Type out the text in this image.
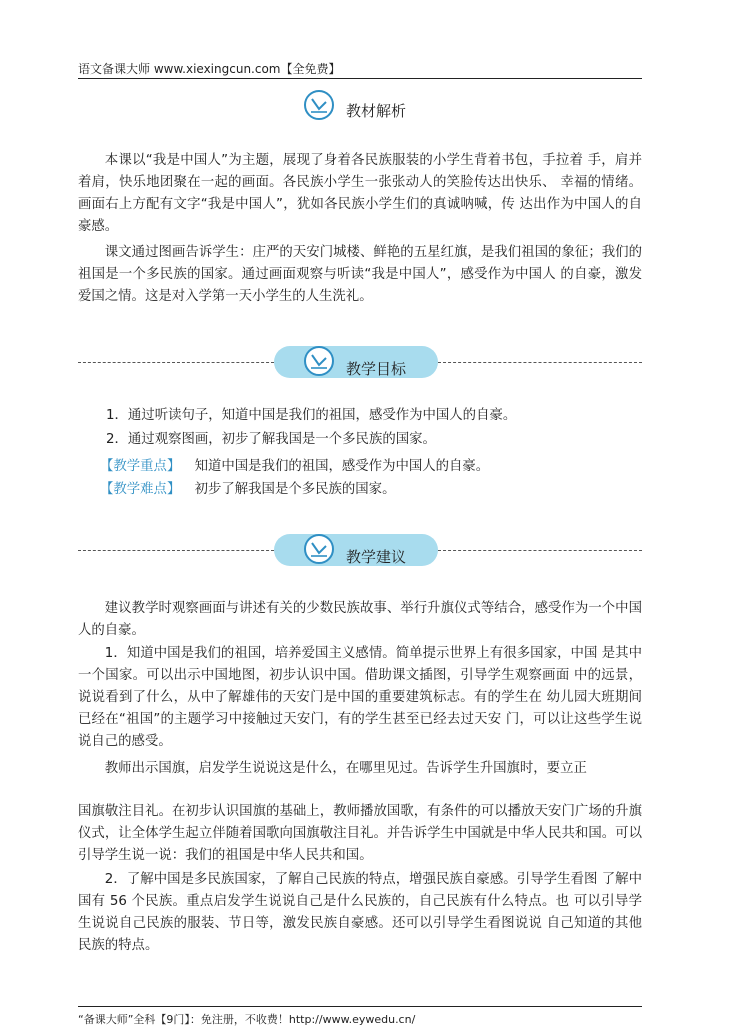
语文备课大师 www.xiexingcun.com【全免费】
教材解析

本课以“我是中国人”为主题，展现了身着各民族服装的小学生背着书包，手拉着 手，肩并着肩，快乐地团聚在一起的画面。各民族小学生一张张动人的笑脸传达出快乐、 幸福的情绪。画面右上方配有文字“我是中国人”，犹如各民族小学生们的真诚呐喊，传 达出作为中国人的自豪感。

课文通过图画告诉学生：庄严的天安门城楼、鲜艳的五星红旗，是我们祖国的象征；我们的祖国是一个多民族的国家。通过画面观察与听读“我是中国人”，感受作为中国人 的自豪，激发爱国之情。这是对入学第一天小学生的人生洗礼。

教学目标
1．通过听读句子，知道中国是我们的祖国，感受作为中国人的自豪。
2．通过观察图画，初步了解我国是一个多民族的国家。
【教学重点】 知道中国是我们的祖国，感受作为中国人的自豪。
【教学难点】 初步了解我国是个多民族的国家。
教学建议

建议教学时观察画面与讲述有关的少数民族故事、举行升旗仪式等结合，感受作为一个中国人的自豪。

1．知道中国是我们的祖国，培养爱国主义感情。简单提示世界上有很多国家，中国 是其中一个国家。可以出示中国地图，初步认识中国。借助课文插图，引导学生观察画面 中的远景，说说看到了什么，从中了解雄伟的天安门是中国的重要建筑标志。有的学生在 幼儿园大班期间已经在“祖国”的主题学习中接触过天安门，有的学生甚至已经去过天安 门，可以让这些学生说说自己的感受。

教师出示国旗，启发学生说说这是什么，在哪里见过。告诉学生升国旗时，要立正

国旗敬注目礼。在初步认识国旗的基础上，教师播放国歌，有条件的可以播放天安门广场的升旗仪式，让全体学生起立伴随着国歌向国旗敬注目礼。并告诉学生中国就是中华人民共和国。可以引导学生说一说：我们的祖国是中华人民共和国。

2．了解中国是多民族国家，了解自己民族的特点，增强民族自豪感。引导学生看图 了解中国有 56 个民族。重点启发学生说说自己是什么民族的，自己民族有什么特点。也 可以引导学生说说自己民族的服装、节日等，激发民族自豪感。还可以引导学生看图说说 自己知道的其他民族的特点。

“备课大师”全科【9门】：免注册，不收费！http://www.eywedu.cn/
